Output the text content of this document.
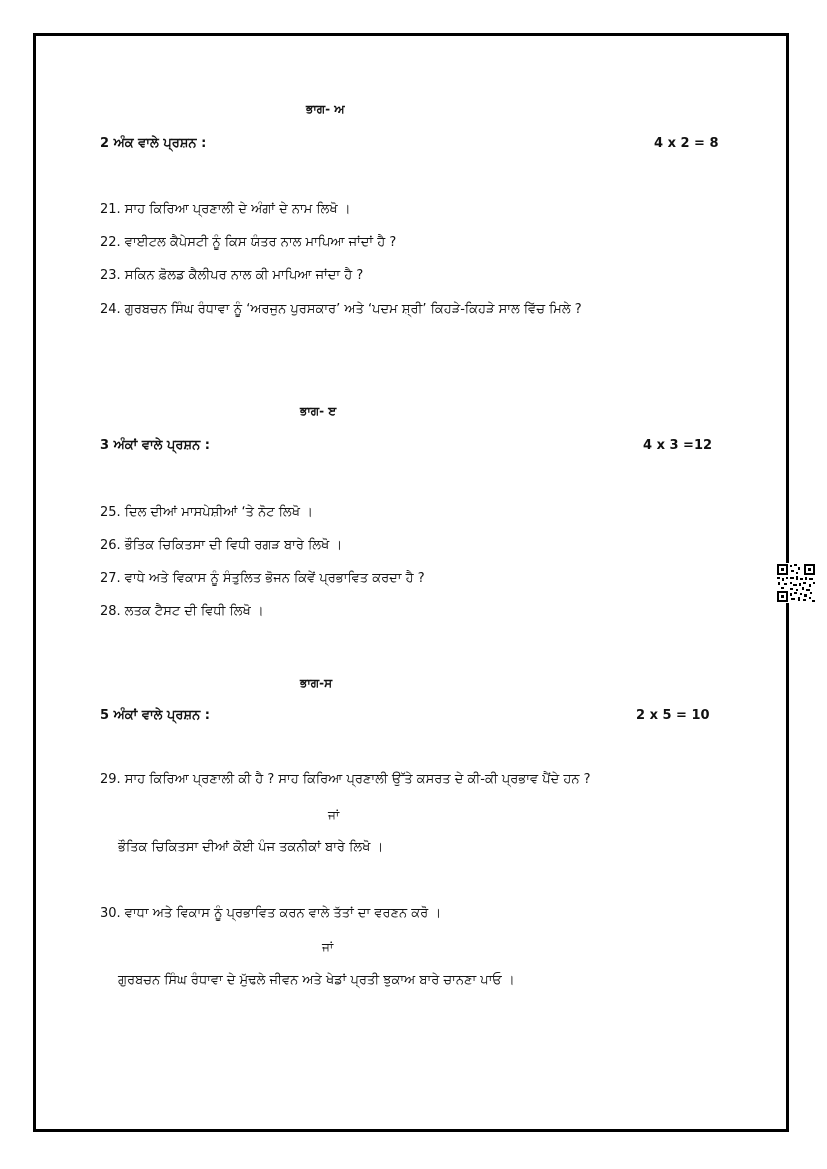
ਭਾਗ- ਅ
2 ਅੰਕ ਵਾਲੇ ਪ੍ਰਸ਼ਨ :	4 x 2 = 8
21. ਸਾਹ ਕਿਰਿਆ ਪ੍ਰਣਾਲੀ ਦੇ ਅੰਗਾਂ ਦੇ ਨਾਮ ਲਿਖੋ ।
22. ਵਾਈਟਲ ਕੈਪੇਸਟੀ ਨੂੰ ਕਿਸ ਯੰਤਰ ਨਾਲ ਮਾਪਿਆ ਜਾਂਦਾਂ ਹੈ ?
23. ਸਕਿਨ ਫ਼ੋਲਡ ਕੈਲੀਪਰ ਨਾਲ ਕੀ ਮਾਪਿਆ ਜਾਂਦਾ ਹੈ ?
24. ਗੁਰਬਚਨ ਸਿੰਘ ਰੰਧਾਵਾ ਨੂੰ ‘ਅਰਜੁਨ ਪੁਰਸਕਾਰ’ ਅਤੇ ‘ਪਦਮ ਸ਼੍ਰੀ’ ਕਿਹੜੇ-ਕਿਹੜੇ ਸਾਲ ਵਿੱਚ ਮਿਲੇ ?
ਭਾਗ- ੲ
3 ਅੰਕਾਂ ਵਾਲੇ ਪ੍ਰਸ਼ਨ :	4 x 3 =12
25. ਦਿਲ ਦੀਆਂ ਮਾਸਪੇਸ਼ੀਆਂ ‘ਤੇ ਨੋਟ ਲਿਖੋ ।
26. ਭੌਤਿਕ ਚਿਕਿਤਸਾ ਦੀ ਵਿਧੀ ਰਗੜ ਬਾਰੇ ਲਿਖੋ ।
27. ਵਾਧੇ ਅਤੇ ਵਿਕਾਸ ਨੂੰ ਸੰਤੁਲਿਤ ਭੋਜਨ ਕਿਵੇਂ ਪ੍ਰਭਾਵਿਤ ਕਰਦਾ ਹੈ ?
28. ਲਤਕ ਟੈਸਟ ਦੀ ਵਿਧੀ ਲਿਖੋ ।
ਭਾਗ-ਸ
5 ਅੰਕਾਂ ਵਾਲੇ ਪ੍ਰਸ਼ਨ :	2 x 5 = 10
29. ਸਾਹ ਕਿਰਿਆ ਪ੍ਰਣਾਲੀ ਕੀ ਹੈ ? ਸਾਹ ਕਿਰਿਆ ਪ੍ਰਣਾਲੀ ਉੱਤੇ ਕਸਰਤ ਦੇ ਕੀ-ਕੀ ਪ੍ਰਭਾਵ ਪੈਂਦੇ ਹਨ ?
ਜਾਂ
ਭੌਤਿਕ ਚਿਕਿਤਸਾ ਦੀਆਂ ਕੋਈ ਪੰਜ ਤਕਨੀਕਾਂ ਬਾਰੇ ਲਿਖੋ ।
30. ਵਾਧਾ ਅਤੇ ਵਿਕਾਸ ਨੂੰ ਪ੍ਰਭਾਵਿਤ ਕਰਨ ਵਾਲੇ ਤੱਤਾਂ ਦਾ ਵਰਣਨ ਕਰੋ ।
ਜਾਂ
ਗੁਰਬਚਨ ਸਿੰਘ ਰੰਧਾਵਾ ਦੇ ਮੁੱਢਲੇ ਜੀਵਨ ਅਤੇ ਖੇਡਾਂ ਪ੍ਰਤੀ ਝੁਕਾਅ ਬਾਰੇ ਚਾਨਣਾ ਪਾਓ ।
